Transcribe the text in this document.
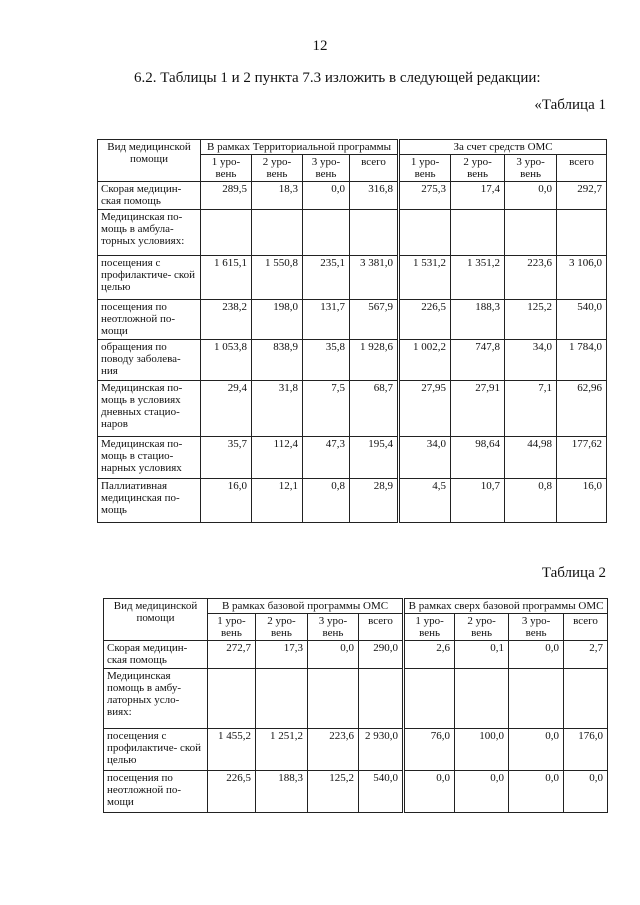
12
6.2. Таблицы 1 и 2 пункта 7.3 изложить в следующей редакции:
«Таблица 1
Вид медицинской помощи	В рамках Территориальной программы				За счет средств ОМС			
	1 уро- вень	2 уро- вень	3 уро- вень	всего	1 уро- вень	2 уро- вень	3 уро- вень	всего
Скорая медицин- ская помощь	289,5	18,3	0,0	316,8	275,3	17,4	0,0	292,7
Медицинская по- мощь в амбула- торных условиях:								
посещения с профилактиче- ской целью	1 615,1	1 550,8	235,1	3 381,0	1 531,2	1 351,2	223,6	3 106,0
посещения по неотложной по- мощи	238,2	198,0	131,7	567,9	226,5	188,3	125,2	540,0
обращения по поводу заболева- ния	1 053,8	838,9	35,8	1 928,6	1 002,2	747,8	34,0	1 784,0
Медицинская по- мощь в условиях дневных стацио- наров	29,4	31,8	7,5	68,7	27,95	27,91	7,1	62,96
Медицинская по- мощь в стацио- нарных условиях	35,7	112,4	47,3	195,4	34,0	98,64	44,98	177,62
Паллиативная медицинская по- мощь	16,0	12,1	0,8	28,9	4,5	10,7	0,8	16,0
Таблица 2
Вид медицинской помощи	В рамках базовой программы ОМС				В рамках сверх базовой программы ОМС			
	1 уро- вень	2 уро- вень	3 уро- вень	всего	1 уро- вень	2 уро- вень	3 уро- вень	всего
Скорая медицин- ская помощь	272,7	17,3	0,0	290,0	2,6	0,1	0,0	2,7
Медицинская помощь в амбу- латорных усло- виях:								
посещения с профилактиче- ской целью	1 455,2	1 251,2	223,6	2 930,0	76,0	100,0	0,0	176,0
посещения по неотложной по- мощи	226,5	188,3	125,2	540,0	0,0	0,0	0,0	0,0
